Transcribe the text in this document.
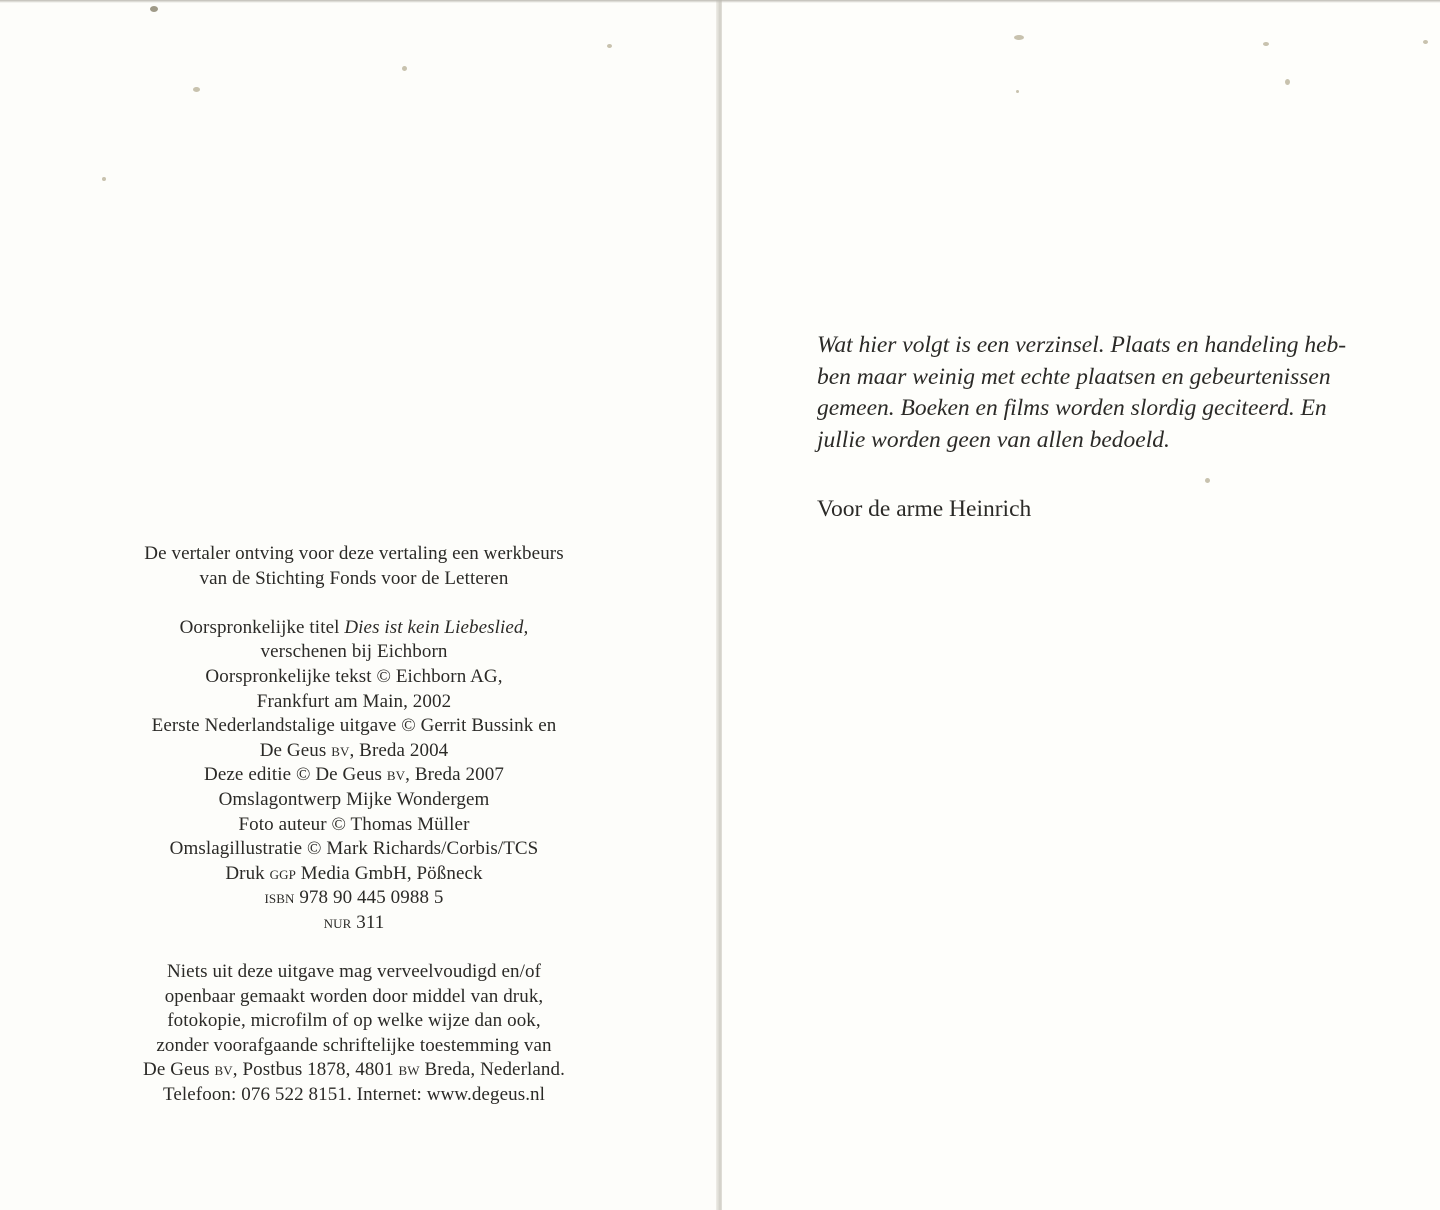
De vertaler ontving voor deze vertaling een werkbeurs

van de Stichting Fonds voor de Letteren

Oorspronkelijke titel Dies ist kein Liebeslied,

verschenen bij Eichborn

Oorspronkelijke tekst © Eichborn AG,

Frankfurt am Main, 2002

Eerste Nederlandstalige uitgave © Gerrit Bussink en

De Geus bv, Breda 2004

Deze editie © De Geus bv, Breda 2007

Omslagontwerp Mijke Wondergem

Foto auteur © Thomas Müller

Omslagillustratie © Mark Richards/Corbis/TCS

Druk ggp Media GmbH, Pößneck

isbn 978 90 445 0988 5

nur 311

Niets uit deze uitgave mag verveelvoudigd en/of

openbaar gemaakt worden door middel van druk,

fotokopie, microfilm of op welke wijze dan ook,

zonder voorafgaande schriftelijke toestemming van

De Geus bv, Postbus 1878, 4801 bw Breda, Nederland.

Telefoon: 076 522 8151. Internet: www.degeus.nl

Wat hier volgt is een verzinsel. Plaats en handeling heb-

ben maar weinig met echte plaatsen en gebeurtenissen

gemeen. Boeken en films worden slordig geciteerd. En

jullie worden geen van allen bedoeld.

Voor de arme Heinrich
